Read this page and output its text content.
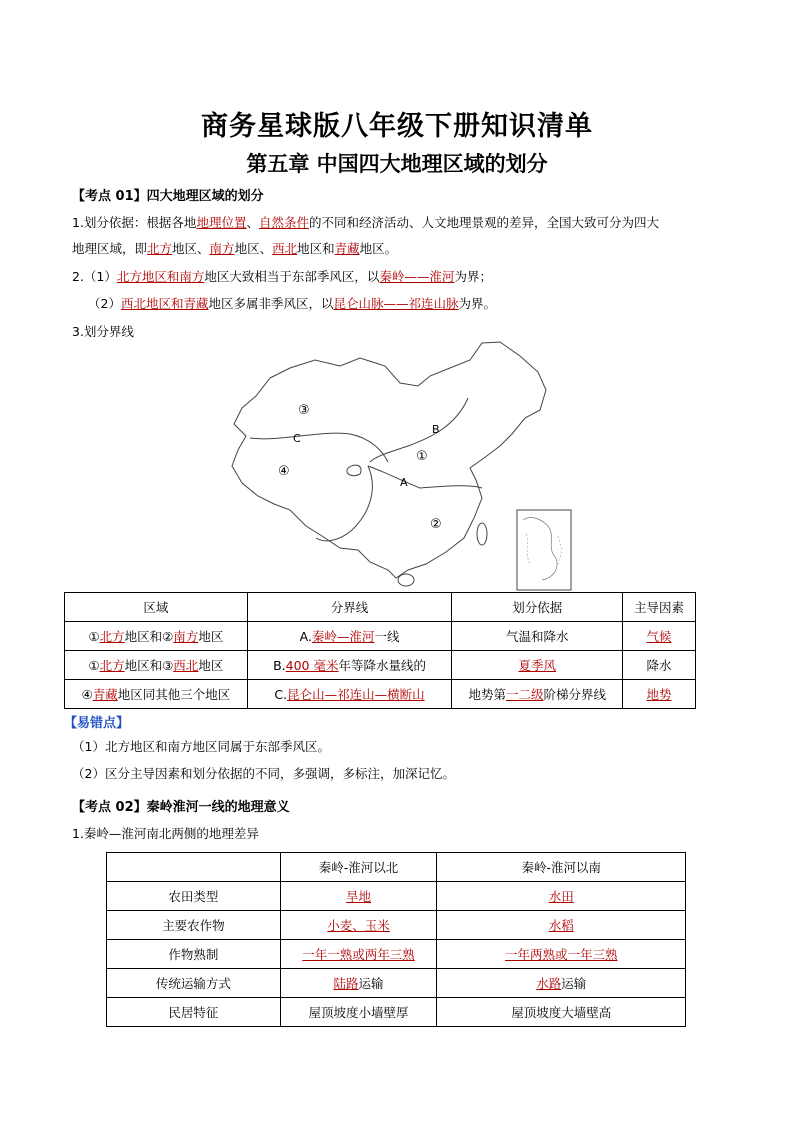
商务星球版八年级下册知识清单
第五章 中国四大地理区域的划分
【考点 01】四大地理区域的划分
1.划分依据：根据各地地理位置、自然条件的不同和经济活动、人文地理景观的差异，全国大致可分为四大
地理区域，即北方地区、南方地区、西北地区和青藏地区。
2.（1）北方地区和南方地区大致相当于东部季风区，以秦岭——淮河为界；
（2）西北地区和青藏地区多属非季风区，以昆仑山脉——祁连山脉为界。
3.划分界线
③
④
①
②
A
B
C
区域	分界线	划分依据	主导因素
①北方地区和②南方地区	A.秦岭—淮河一线	气温和降水	气候
①北方地区和③西北地区	B.400 毫米年等降水量线的	夏季风	降水
④青藏地区同其他三个地区	C.昆仑山—祁连山—横断山	地势第一二级阶梯分界线	地势
【易错点】
（1）北方地区和南方地区同属于东部季风区。
（2）区分主导因素和划分依据的不同，多强调，多标注，加深记忆。
【考点 02】秦岭淮河一线的地理意义
1.秦岭—淮河南北两侧的地理差异
	秦岭-淮河以北	秦岭-淮河以南
农田类型	旱地	水田
主要农作物	小麦、玉米	水稻
作物熟制	一年一熟或两年三熟	一年两熟或一年三熟
传统运输方式	陆路运输	水路运输
民居特征	屋顶坡度小墙壁厚	屋顶坡度大墙壁高
